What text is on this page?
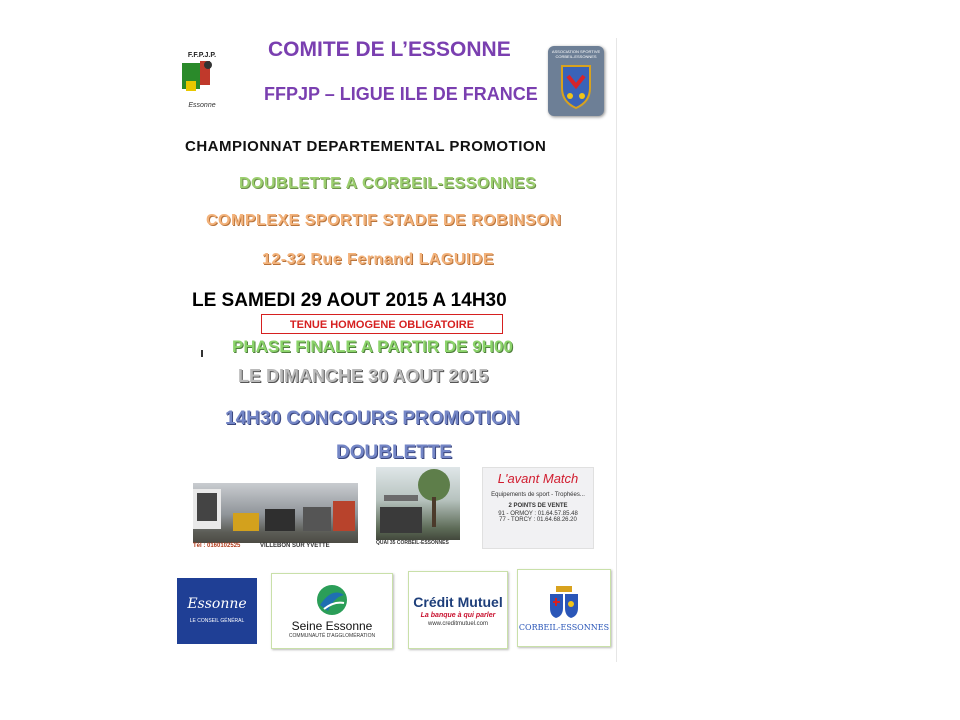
F.F.P.J.P.
Essonne
ASSOCIATION SPORTIVE CORBEIL-ESSONNES
COMITE DE L’ESSONNE
FFPJP – LIGUE ILE DE FRANCE
CHAMPIONNAT DEPARTEMENTAL PROMOTION
DOUBLETTE A CORBEIL-ESSONNES
COMPLEXE SPORTIF STADE DE ROBINSON
12-32 Rue Fernand LAGUIDE
LE SAMEDI 29 AOUT 2015 A 14H30
TENUE HOMOGENE OBLIGATOIRE
PHASE FINALE A PARTIR DE 9H00
LE DIMANCHE 30 AOUT 2015
14H30 CONCOURS PROMOTION
DOUBLETTE
Tél : 0160102525	VILLEBON SUR YVETTE	QUAI 35 CORBEIL-ESSONNES
L'avant Match
Equipements de sport - Trophées...
2 POINTS DE VENTE
91 - ORMOY : 01.64.57.85.48
77 - TORCY : 01.64.68.26.20
Essonne
LE CONSEIL GÉNÉRAL	Seine Essonne
COMMUNAUTÉ D'AGGLOMÉRATION
Crédit Mutuel
La banque à qui parler
www.creditmutuel.com	CORBEIL-ESSONNES
